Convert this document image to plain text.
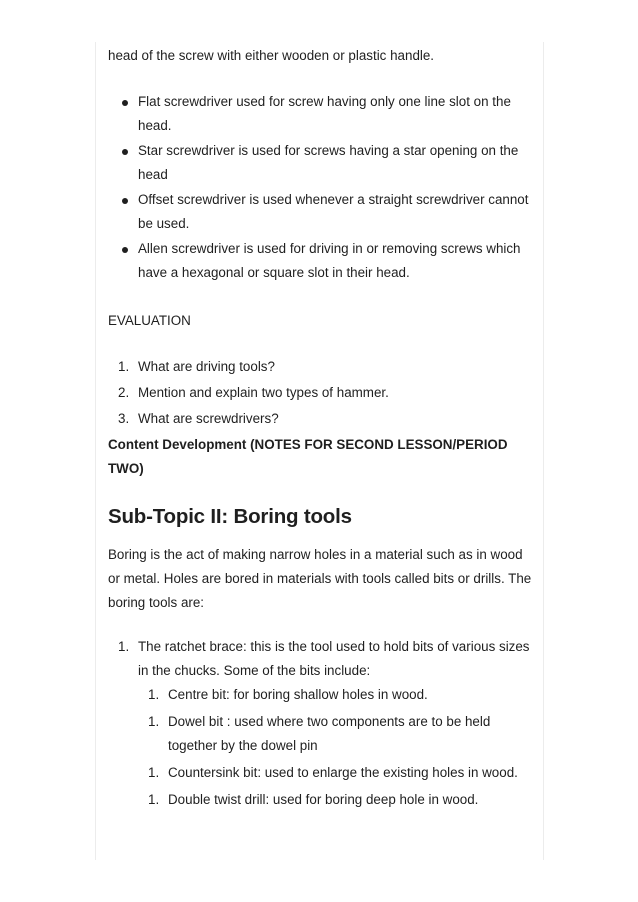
head of the screw with either wooden or plastic handle.

Flat screwdriver used for screw having only one line slot on the head.
Star screwdriver is used for screws having a star opening on the head
Offset screwdriver is used whenever a straight screwdriver cannot be used.
Allen screwdriver is used for driving in or removing screws which have a hexagonal or square slot in their head.

EVALUATION

1. What are driving tools?
2. Mention and explain two types of hammer.
3. What are screwdrivers?

Content Development (NOTES FOR SECOND LESSON/PERIOD TWO)

Sub-Topic II: Boring tools

Boring is the act of making narrow holes in a material such as in wood or metal. Holes are bored in materials with tools called bits or drills. The boring tools are:

1. The ratchet brace: this is the tool used to hold bits of various sizes in the chucks. Some of the bits include:
1. Centre bit: for boring shallow holes in wood.
1. Dowel bit : used where two components are to be held together by the dowel pin
1. Countersink bit: used to enlarge the existing holes in wood.
1. Double twist drill: used for boring deep hole in wood.
